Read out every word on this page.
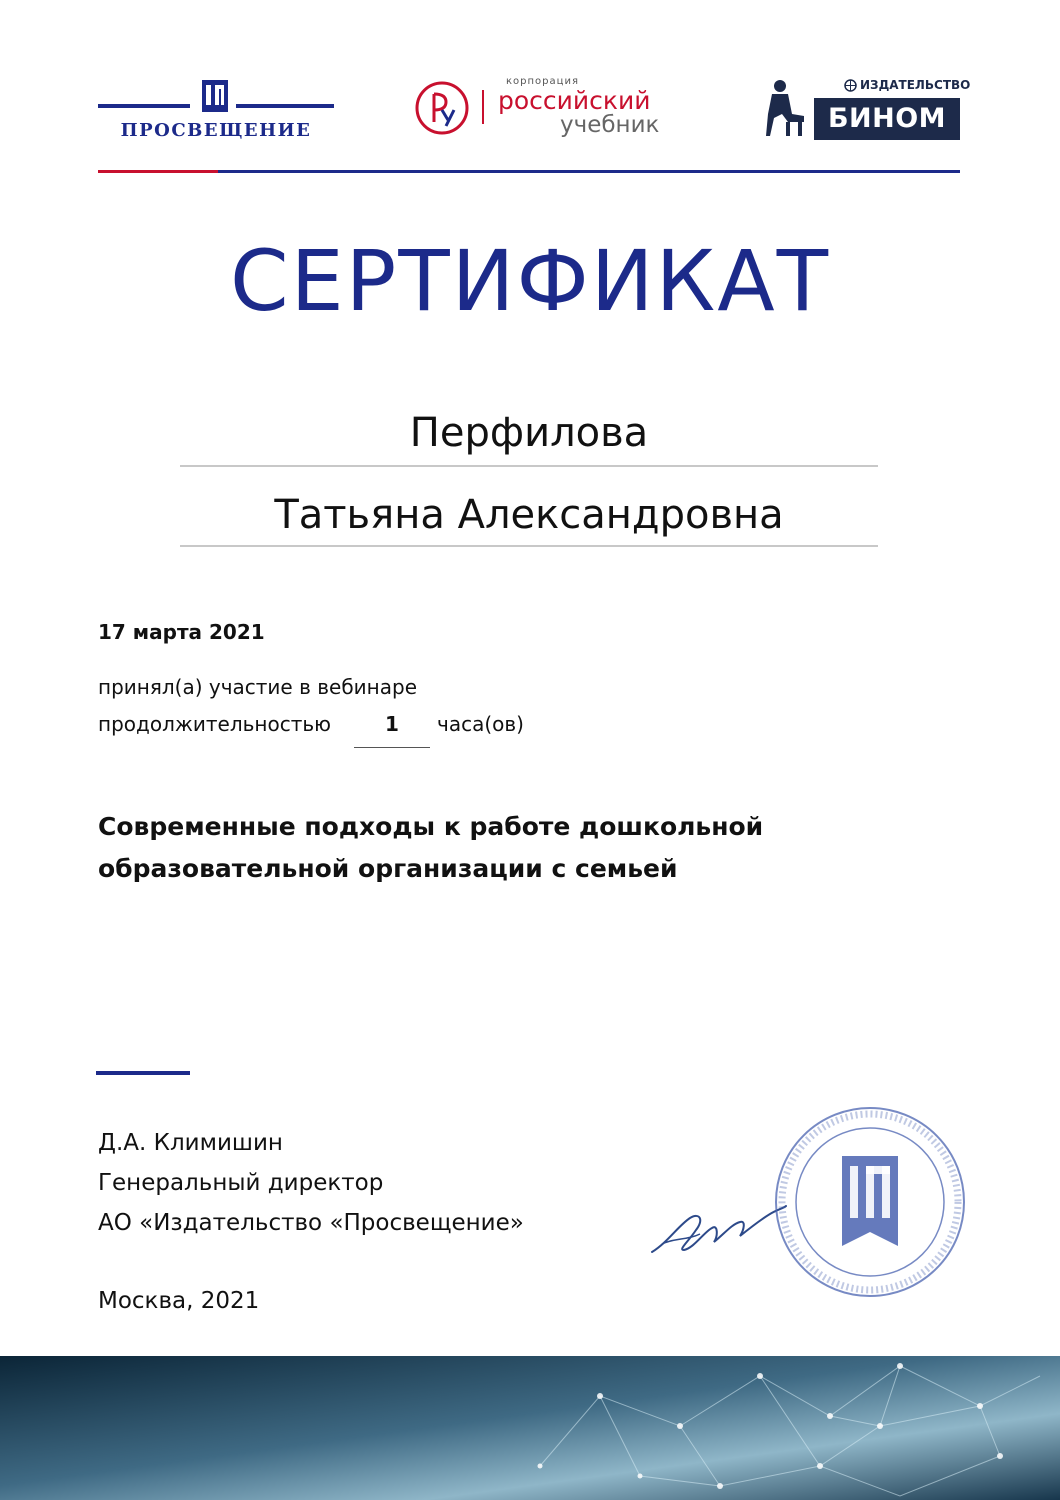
ПРОСВЕЩЕНИЕ
корпорация
российский
учебник
ИЗДАТЕЛЬСТВО
БИНОМ
СЕРТИФИКАТ
Перфилова
Татьяна Александровна
17 марта 2021
принял(а) участие в вебинаре
продолжительностью	1	часа(ов)
Современные подходы к работе дошкольной
образовательной организации с семьей
Д.А. Климишин
Генеральный директор
АО «Издательство «Просвещение»
Москва, 2021
